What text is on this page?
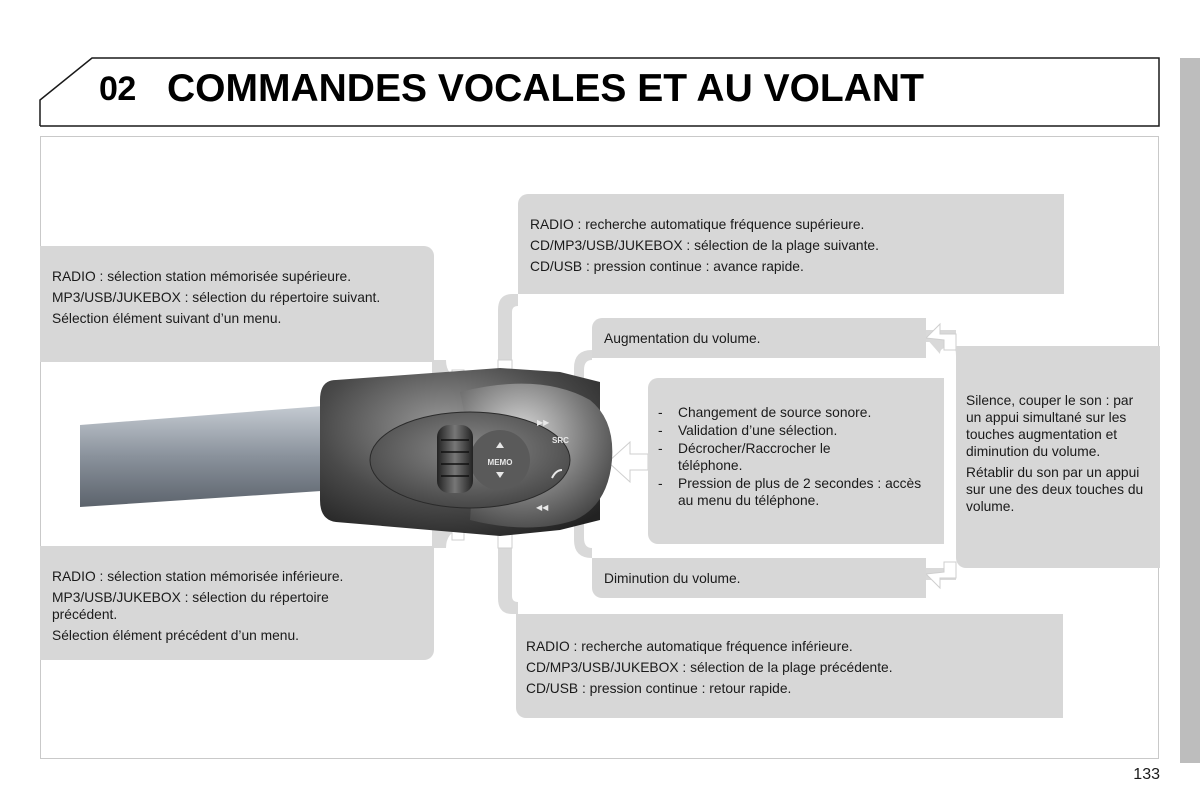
02 COMMANDES VOCALES ET AU VOLANT
MEMO
SRC
▶▶
◀◀

RADIO : sélection station mémorisée supérieure.

MP3/USB/JUKEBOX : sélection du répertoire suivant.

Sélection élément suivant d’un menu.

RADIO : sélection station mémorisée inférieure.

MP3/USB/JUKEBOX : sélection du répertoire précédent.

Sélection élément précédent d’un menu.

RADIO : recherche automatique fréquence supérieure.

CD/MP3/USB/JUKEBOX : sélection de la plage suivante.

CD/USB : pression continue : avance rapide.

RADIO : recherche automatique fréquence inférieure.

CD/MP3/USB/JUKEBOX : sélection de la plage précédente.

CD/USB : pression continue : retour rapide.

Augmentation du volume.

Diminution du volume.

- Changement de source sonore.
- Validation d’une sélection.
- Décrocher/Raccrocher le téléphone.
- Pression de plus de 2 secondes : accès au menu du téléphone.

Silence, couper le son : par un appui simultané sur les touches augmentation et diminution du volume.

Rétablir du son par un appui sur une des deux touches du volume.

133
